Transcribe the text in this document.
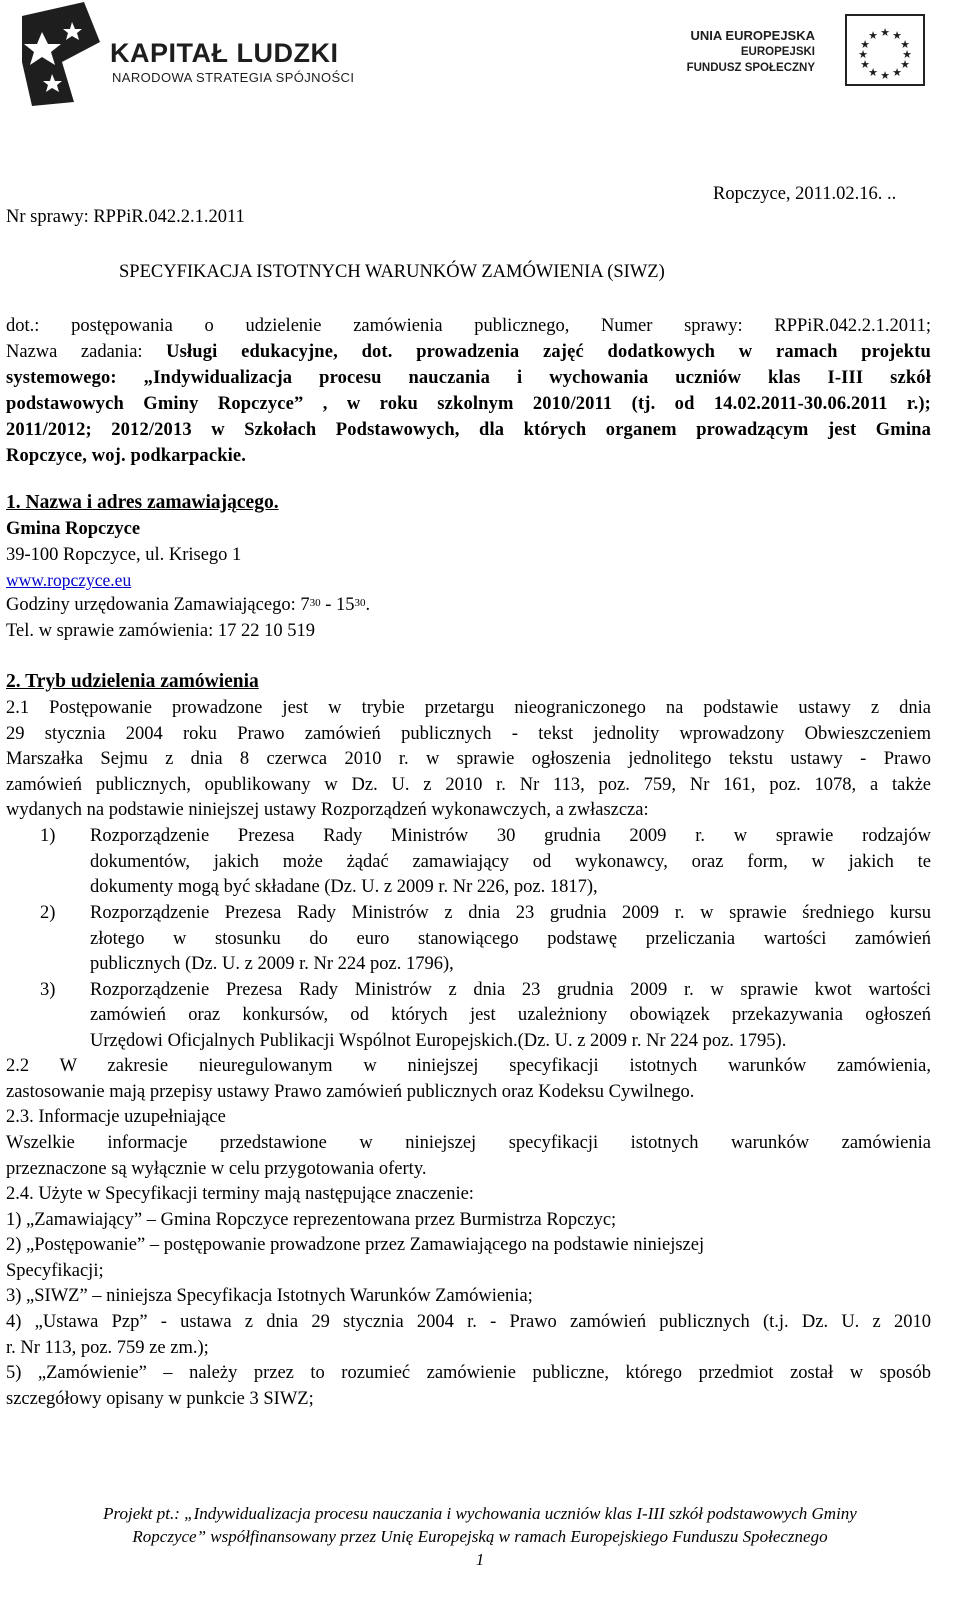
KAPITAŁ LUDZKI
NARODOWA STRATEGIA SPÓJNOŚCI
UNIA EUROPEJSKA
EUROPEJSKI
FUNDUSZ SPOŁECZNY
★ ★
★
★
★
★
★
★
★
★
★
★
Nr sprawy: RPPiR.042.2.1.2011
Ropczyce, 2011.02.16. ..
SPECYFIKACJA ISTOTNYCH WARUNKÓW ZAMÓWIENIA (SIWZ)
dot.: postępowania o udzielenie zamówienia publicznego, Numer sprawy: RPPiR.042.2.1.2011;
Nazwa zadania: Usługi edukacyjne, dot. prowadzenia zajęć dodatkowych w ramach projektu
systemowego: „Indywidualizacja procesu nauczania i wychowania uczniów klas I-III szkół
podstawowych Gminy Ropczyce” , w roku szkolnym 2010/2011 (tj. od 14.02.2011-30.06.2011 r.);
2011/2012; 2012/2013 w Szkołach Podstawowych, dla których organem prowadzącym jest Gmina
Ropczyce, woj. podkarpackie.
1. Nazwa i adres zamawiającego.
Gmina Ropczyce
39-100 Ropczyce, ul. Krisego 1
www.ropczyce.eu
Godziny urzędowania Zamawiającego: $7^{30} - 15^{30}$.
Tel. w sprawie zamówienia: 17 22 10 519
2. Tryb udzielenia zamówienia
2.1 Postępowanie prowadzone jest w trybie przetargu nieograniczonego na podstawie ustawy z dnia
29 stycznia 2004 roku Prawo zamówień publicznych - tekst jednolity wprowadzony Obwieszczeniem
Marszałka Sejmu z dnia 8 czerwca 2010 r. w sprawie ogłoszenia jednolitego tekstu ustawy - Prawo
zamówień publicznych, opublikowany w Dz. U. z 2010 r. Nr 113, poz. 759, Nr 161, poz. 1078, a także
wydanych na podstawie niniejszej ustawy Rozporządzeń wykonawczych, a zwłaszcza:
1) Rozporządzenie Prezesa Rady Ministrów 30 grudnia 2009 r. w sprawie rodzajów
dokumentów, jakich może żądać zamawiający od wykonawcy, oraz form, w jakich te
dokumenty mogą być składane (Dz. U. z 2009 r. Nr 226, poz. 1817),
2) Rozporządzenie Prezesa Rady Ministrów z dnia 23 grudnia 2009 r. w sprawie średniego kursu
złotego w stosunku do euro stanowiącego podstawę przeliczania wartości zamówień
publicznych (Dz. U. z 2009 r. Nr 224 poz. 1796),
3) Rozporządzenie Prezesa Rady Ministrów z dnia 23 grudnia 2009 r. w sprawie kwot wartości
zamówień oraz konkursów, od których jest uzależniony obowiązek przekazywania ogłoszeń
Urzędowi Oficjalnych Publikacji Wspólnot Europejskich.(Dz. U. z 2009 r. Nr 224 poz. 1795).
2.2 W zakresie nieuregulowanym w niniejszej specyfikacji istotnych warunków zamówienia,
zastosowanie mają przepisy ustawy Prawo zamówień publicznych oraz Kodeksu Cywilnego.
2.3. Informacje uzupełniające
Wszelkie informacje przedstawione w niniejszej specyfikacji istotnych warunków zamówienia
przeznaczone są wyłącznie w celu przygotowania oferty.
2.4. Użyte w Specyfikacji terminy mają następujące znaczenie:
1) „Zamawiający” – Gmina Ropczyce reprezentowana przez Burmistrza Ropczyc;
2) „Postępowanie” – postępowanie prowadzone przez Zamawiającego na podstawie niniejszej
Specyfikacji;
3) „SIWZ” – niniejsza Specyfikacja Istotnych Warunków Zamówienia;
4) „Ustawa Pzp” - ustawa z dnia 29 stycznia 2004 r. - Prawo zamówień publicznych (t.j. Dz. U. z 2010
r. Nr 113, poz. 759 ze zm.);
5) „Zamówienie” – należy przez to rozumieć zamówienie publiczne, którego przedmiot został w sposób
szczegółowy opisany w punkcie 3 SIWZ;
Projekt pt.: „Indywidualizacja procesu nauczania i wychowania uczniów klas I-III szkół podstawowych Gminy
Ropczyce” współfinansowany przez Unię Europejską w ramach Europejskiego Funduszu Społecznego
1
